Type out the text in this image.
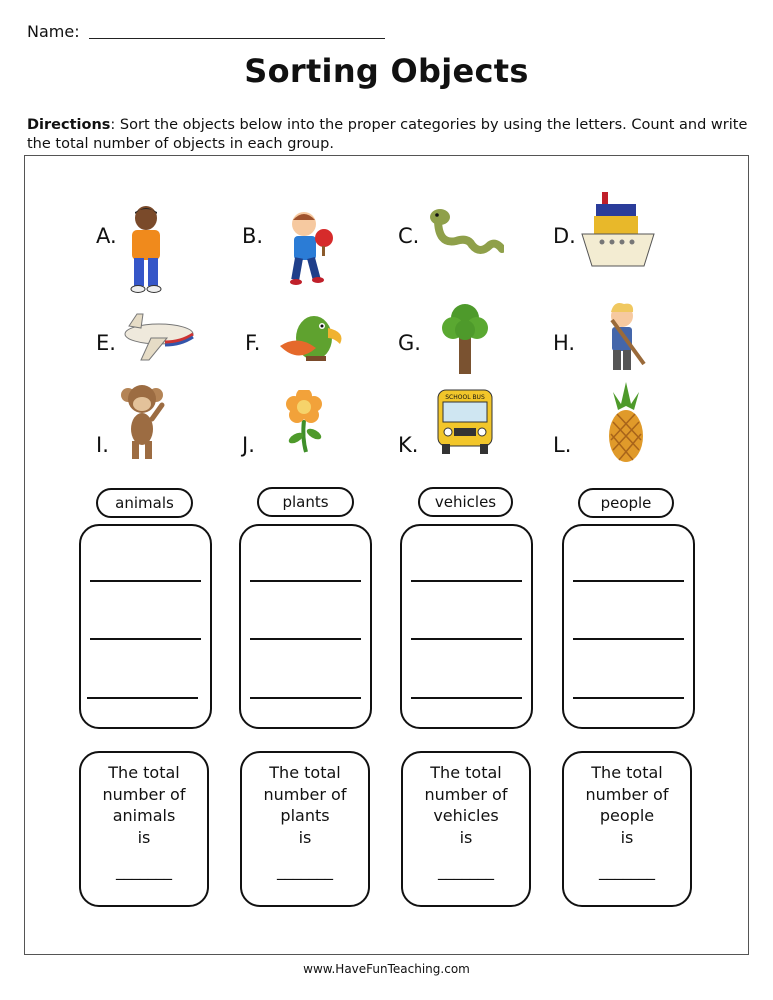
Name:
Sorting Objects
Directions: Sort the objects below into the proper categories by using the letters. Count and write the total number of objects in each group.
A.	B.	C.	D.
E.	F.	G.	H.
I.	J.	K.
SCHOOL BUS
L.
animals	plants	vehicles	people
The total
number of
animals
is
_______
The total
number of
plants
is
_______
The total
number of
vehicles
is
_______
The total
number of
people
is
_______
www.HaveFunTeaching.com
